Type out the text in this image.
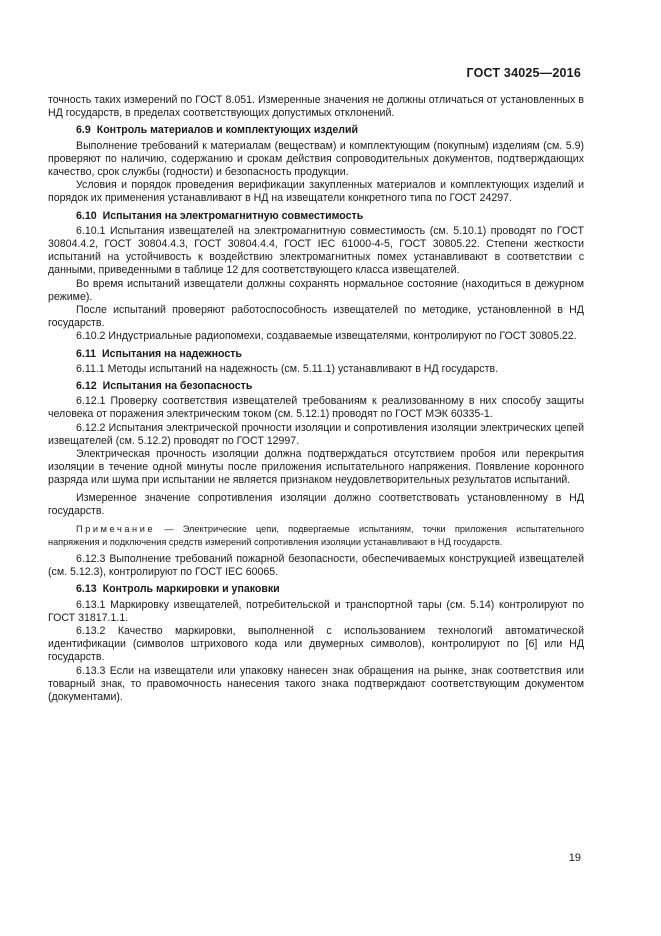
ГОСТ 34025—2016

точность таких измерений по ГОСТ 8.051. Измеренные значения не должны отличаться от установленных в НД государств, в пределах соответствующих допустимых отклонений.

6.9 Контроль материалов и комплектующих изделий

Выполнение требований к материалам (веществам) и комплектующим (покупным) изделиям (см. 5.9) проверяют по наличию, содержанию и срокам действия сопроводительных документов, подтверждающих качество, срок службы (годности) и безопасность продукции.

Условия и порядок проведения верификации закупленных материалов и комплектующих изделий и порядок их применения устанавливают в НД на извещатели конкретного типа по ГОСТ 24297.

6.10 Испытания на электромагнитную совместимость

6.10.1 Испытания извещателей на электромагнитную совместимость (см. 5.10.1) проводят по ГОСТ 30804.4.2, ГОСТ 30804.4.3, ГОСТ 30804.4.4, ГОСТ IEC 61000-4-5, ГОСТ 30805.22. Степени жесткости испытаний на устойчивость к воздействию электромагнитных помех устанавливают в соответствии с данными, приведенными в таблице 12 для соответствующего класса извещателей.

Во время испытаний извещатели должны сохранять нормальное состояние (находиться в дежурном режиме).

После испытаний проверяют работоспособность извещателей по методике, установленной в НД государств.

6.10.2 Индустриальные радиопомехи, создаваемые извещателями, контролируют по ГОСТ 30805.22.

6.11 Испытания на надежность

6.11.1 Методы испытаний на надежность (см. 5.11.1) устанавливают в НД государств.

6.12 Испытания на безопасность

6.12.1 Проверку соответствия извещателей требованиям к реализованному в них способу защиты человека от поражения электрическим током (см. 5.12.1) проводят по ГОСТ МЭК 60335-1.

6.12.2 Испытания электрической прочности изоляции и сопротивления изоляции электрических цепей извещателей (см. 5.12.2) проводят по ГОСТ 12997.

Электрическая прочность изоляции должна подтверждаться отсутствием пробоя или перекрытия изоляции в течение одной минуты после приложения испытательного напряжения. Появление коронного разряда или шума при испытании не является признаком неудовлетворительных результатов испытаний.

Измеренное значение сопротивления изоляции должно соответствовать установленному в НД государств.

Примечание — Электрические цепи, подвергаемые испытаниям, точки приложения испытательного напряжения и подключения средств измерений сопротивления изоляции устанавливают в НД государств.

6.12.3 Выполнение требований пожарной безопасности, обеспечиваемых конструкцией извещателей (см. 5.12.3), контролируют по ГОСТ IEC 60065.

6.13 Контроль маркировки и упаковки

6.13.1 Маркировку извещателей, потребительской и транспортной тары (см. 5.14) контролируют по ГОСТ 31817.1.1.

6.13.2 Качество маркировки, выполненной с использованием технологий автоматической идентификации (символов штрихового кода или двумерных символов), контролируют по [6] или НД государств.

6.13.3 Если на извещатели или упаковку нанесен знак обращения на рынке, знак соответствия или товарный знак, то правомочность нанесения такого знака подтверждают соответствующим документом (документами).

19
